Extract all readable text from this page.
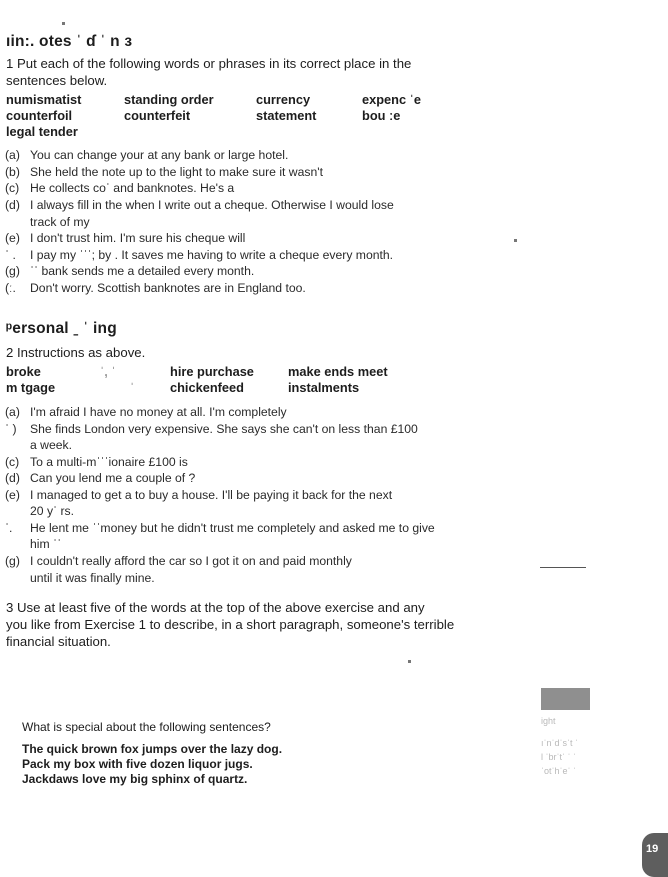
ıin:. otes ˈ ɗ ˈ n ɜ
1 Put each of the following words or phrases in its correct place in the
sentences below.
numismatist	standing order	currency	expenc ˈe
counterfoil	counterfeit	statement	bou ːe
legal tender
(a) You can change your at any bank or large hotel.
(b) She held the note up to the light to make sure it wasn't
(c) He collects coˈ and banknotes. He's a
(d) I always fill in the when I write out a cheque. Otherwise I would lose
track of my
(e) I don't trust him. I'm sure his cheque will
ˈ . I pay my ˈˈˈ; by . It saves me having to write a cheque every month.
(g) ˈˈ bank sends me a detailed every month.
(ː. Don't worry. Scottish banknotes are in England too.
ᵖersonal ˍ ˈ ing
2 Instructions as above.
broke	ˈ, ˈ	hire purchase	make ends meet
m tgage	ˈ	chickenfeed	instalments
(a) I'm afraid I have no money at all. I'm completely
ˈ ) She finds London very expensive. She says she can't on less than £100
a week.
(c) To a multi-mˈˈˈionaire £100 is
(d) Can you lend me a couple of ?
(e) I managed to get a to buy a house. I'll be paying it back for the next
20 yˈ rs.
ˈ. He lent me ˈˈmoney but he didn't trust me completely and asked me to give
him ˈˈ
(g) I couldn't really afford the car so I got it on and paid monthly
until it was finally mine.
3 Use at least five of the words at the top of the above exercise and any
you like from Exercise 1 to describe, in a short paragraph, someone's terrible
financial situation.
What is special about the following sentences?
The quick brown fox jumps over the lazy dog.
Pack my box with five dozen liquor jugs.
Jackdaws love my big sphinx of quartz.
ight
ıˈnˈdˈsˈt ˈ
l ˈbrˈtˈ ˈ ˈ
ˈotˈhˈeˈ ˈ
19
